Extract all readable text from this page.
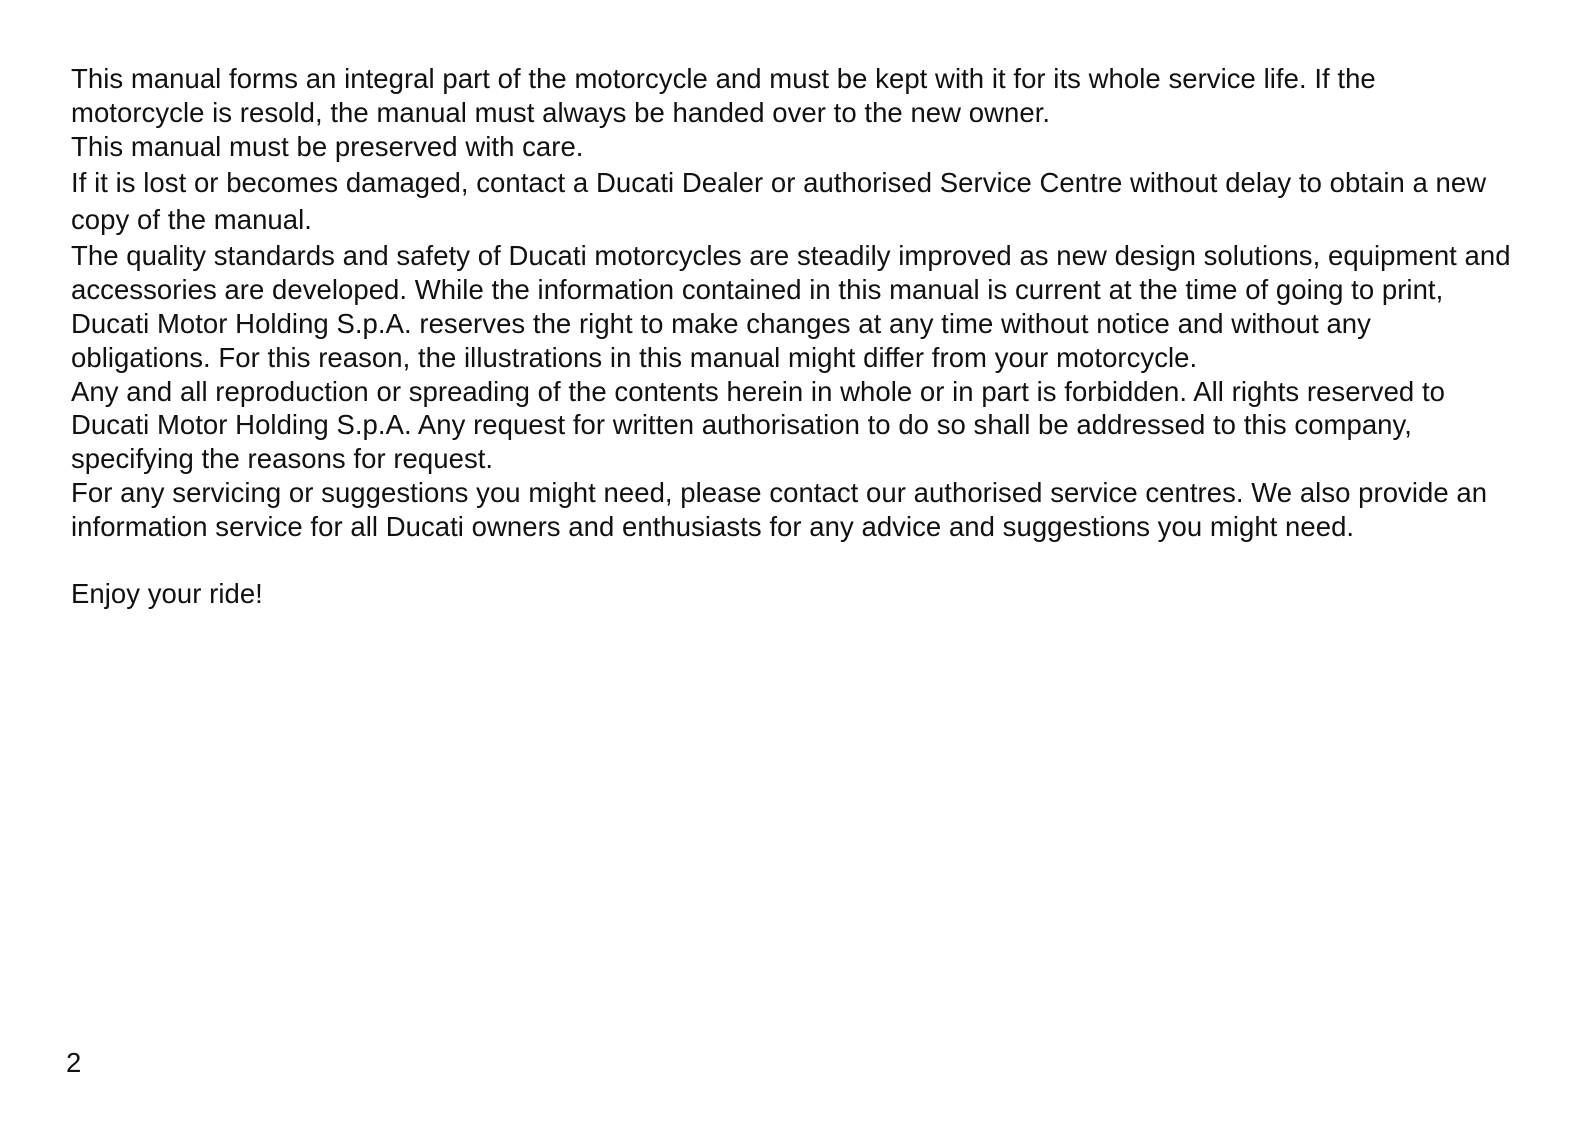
This manual forms an integral part of the motorcycle and must be kept with it for its whole service life. If the motorcycle is resold, the manual must always be handed over to the new owner.

This manual must be preserved with care.

If it is lost or becomes damaged, contact a Ducati Dealer or authorised Service Centre without delay to obtain a new copy of the manual.

The quality standards and safety of Ducati motorcycles are steadily improved as new design solutions, equipment and accessories are developed. While the information contained in this manual is current at the time of going to print, Ducati Motor Holding S.p.A. reserves the right to make changes at any time without notice and without any obligations. For this reason, the illustrations in this manual might differ from your motorcycle.

Any and all reproduction or spreading of the contents herein in whole or in part is forbidden. All rights reserved to Ducati Motor Holding S.p.A. Any request for written authorisation to do so shall be addressed to this company, specifying the reasons for request.

For any servicing or suggestions you might need, please contact our authorised service centres. We also provide an information service for all Ducati owners and enthusiasts for any advice and suggestions you might need.

Enjoy your ride!

2
